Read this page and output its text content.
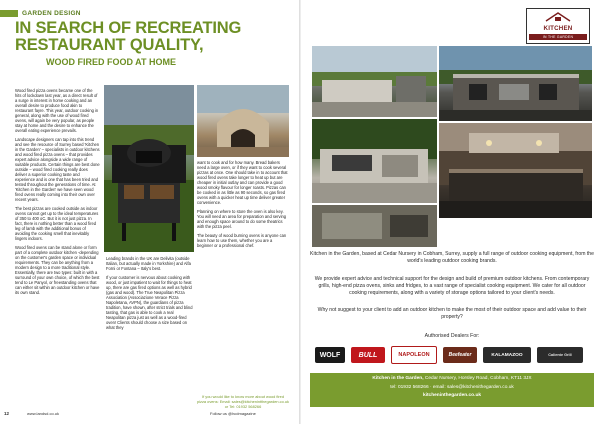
GARDEN DESIGN
IN SEARCH OF RECREATING
RESTAURANT QUALITY,
WOOD FIRED FOOD AT HOME

Wood fired pizza ovens became one of the hits of lockdown last year, as a direct result of a surge in interest in home cooking and an overall desire to produce food akin to restaurant fayre. This year, outdoor cooking in general, along with the use of wood fired ovens, will again be very popular, as people stay at home and the desire to enhance the overall eating experience prevails.

Landscape designers can tap into this trend and see the resource of Surrey based 'Kitchen in the Garden' – specialists in outdoor kitchens and wood fired pizza ovens – that provides expert advice alongside a wide range of suitable products. Certain things are best done outside – wood fired cooking really does deliver a superior cooking taste and experience and is one that has been tried and tested throughout the generations of time. At 'Kitchen in the Garden' we have seen wood fired ovens really coming into their own over recent years.

The best pizzas are cooked outside as indoor ovens cannot get up to the ideal temperatures of 350 to 400 oC. But it is not just pizza. In fact, there is nothing better than a wood fired leg of lamb with the additional bonus of avoiding the cooking smell that inevitably lingers indoors.

Wood fired ovens can be stand alone or form part of a complete outdoor kitchen -depending on the customer's garden space or individual requirements. They can be anything from a modern design to a more traditional style. Essentially, there are two types: built in with a surround of your own choice, of which the best tend to Le Panyol, or freestanding ovens that can either sit within an outdoor kitchen or have its own stand.

Leading brands in the UK are Delivita (outside Italian, but actually made in Yorkshire) and Alfa Forni or Fontana – Italy's best.

If your customer is nervous about cooking with wood, or just impatient to wait for things to heat up, there are gas fired options as well as hybrid (gas and wood). The True Neapolitan Pizza Association (Associazione Verace Pizza Napoletana, AVPN), the guardians of pizza tradition, have shown, after strict trials and blind tasting, that gas is able to cook a real Neapolitan pizza just as well as a wood-fired oven! Clients should choose a size based on what they

want to cook and for how many. Bread bakers need a large oven, or if they want to cook several pizzas at once. One should take in to account that wood fired ovens take longer to heat up but are cheaper in initial outlay and can provide a good wood smoky flavour for longer roasts. Pizzas can be cooked in as little as 90 seconds, so gas fired ovens with a quicker heat up time deliver greater convenience.

Planning on where to store the oven is also key. You will need an area for preparation and serving and enough space around to do some theatrics with the pizza peel.

The beauty of wood burning ovens is anyone can learn how to use them, whether you are a beginner or a professional chef.

If you would like to know more about wood fired pizza ovens: Email: sales@kitchenintthegarden.co.uk or Tel: 01932 568266
12	www.landsd.co.uk	Follow us @hcdmagazine
KITCHEN
IN THE GARDEN
Kitchen in the Garden, based at Cedar Nursery in Cobham, Surrey, supply a full range of outdoor cooking equipment, from the world's leading outdoor cooking brands.
We provide expert advice and technical support for the design and build of premium outdoor kitchens. From contemporary grills, high-end pizza ovens, sinks and fridges, to a vast range of specialist cooking equipment. We cater for all outdoor cooking requirements, along with a variety of storage options tailored to your client's needs.
Why not suggest to your client to add an outdoor kitchen to make the most of their outdoor space and add value to their property?
Authorised Dealers For:
WOLF	BULL	NAPOLEON	Beefeater	KALAMAZOO	Caliente Grill
Kitchen in the Garden, Cedar Nursery, Horsley Road, Cobham, KT11 3JX
tel: 01932 568266 · email: sales@kitchenithegarden.co.uk
kitcheninthegarden.co.uk
